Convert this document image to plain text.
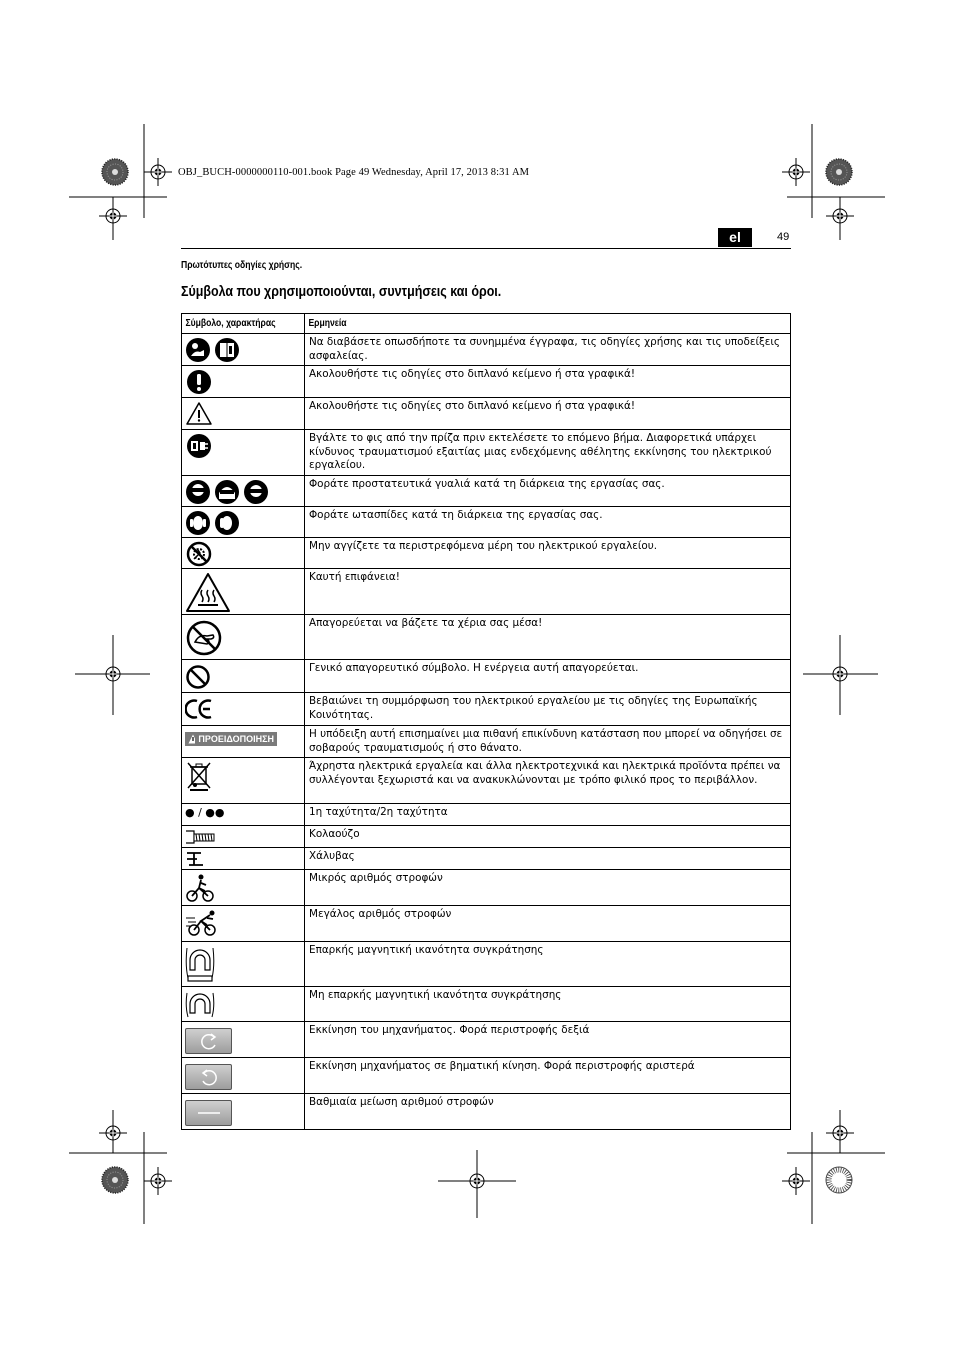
OBJ_BUCH-0000000110-001.book Page 49 Wednesday, April 17, 2013 8:31 AM
el	49
Πρωτότυπες οδηγίες χρήσης.
Σύμβολα που χρησιμοποιούνται, συντμήσεις και όροι.
Σύμβολο, χαρακτήρας	Ερμηνεία

	Να διαβάσετε οπωσδήποτε τα συνημμένα έγγραφα, τις οδηγίες χρήσης και τις υποδείξεις ασφαλείας.

	Ακολουθήστε τις οδηγίες στο διπλανό κείμενο ή στα γραφικά!

	Ακολουθήστε τις οδηγίες στο διπλανό κείμενο ή στα γραφικά!

	Βγάλτε το φις από την πρίζα πριν εκτελέσετε το επόμενο βήμα. Διαφορετικά υπάρχει κίνδυνος τραυματισμού εξαιτίας μιας ενδεχόμενης αθέλητης εκκίνησης του ηλεκτρικού εργαλείου.

	Φοράτε προστατευτικά γυαλιά κατά τη διάρκεια της εργασίας σας.

	Φοράτε ωτασπίδες κατά τη διάρκεια της εργασίας σας.

	Μην αγγίζετε τα περιστρεφόμενα μέρη του ηλεκτρικού εργαλείου.

	Καυτή επιφάνεια!

	Απαγορεύεται να βάζετε τα χέρια σας μέσα!

	Γενικό απαγορευτικό σύμβολο. Η ενέργεια αυτή απαγορεύεται.

	Βεβαιώνει τη συμμόρφωση του ηλεκτρικού εργαλείου με τις οδηγίες της Ευρωπαϊκής Κοινότητας.

ΠΡΟΕΙΔΟΠΟΙΗΣΗ	Η υπόδειξη αυτή επισημαίνει μια πιθανή επικίνδυνη κατάσταση που μπορεί να οδηγήσει σε σοβαρούς τραυματισμούς ή στο θάνατο.

	Άχρηστα ηλεκτρικά εργαλεία και άλλα ηλεκτροτεχνικά και ηλεκτρικά προϊόντα πρέπει να συλλέγονται ξεχωριστά και να ανακυκλώνονται με τρόπο φιλικό προς το περιβάλλον.

● / ●●	1η ταχύτητα/2η ταχύτητα

	Κολαούζο

	Χάλυβας

	Μικρός αριθμός στροφών

	Μεγάλος αριθμός στροφών

	Επαρκής μαγνητική ικανότητα συγκράτησης

	Μη επαρκής μαγνητική ικανότητα συγκράτησης

	Εκκίνηση του μηχανήματος. Φορά περιστροφής δεξιά

	Εκκίνηση μηχανήματος σε βηματική κίνηση. Φορά περιστροφής αριστερά

	Βαθμιαία μείωση αριθμού στροφών
